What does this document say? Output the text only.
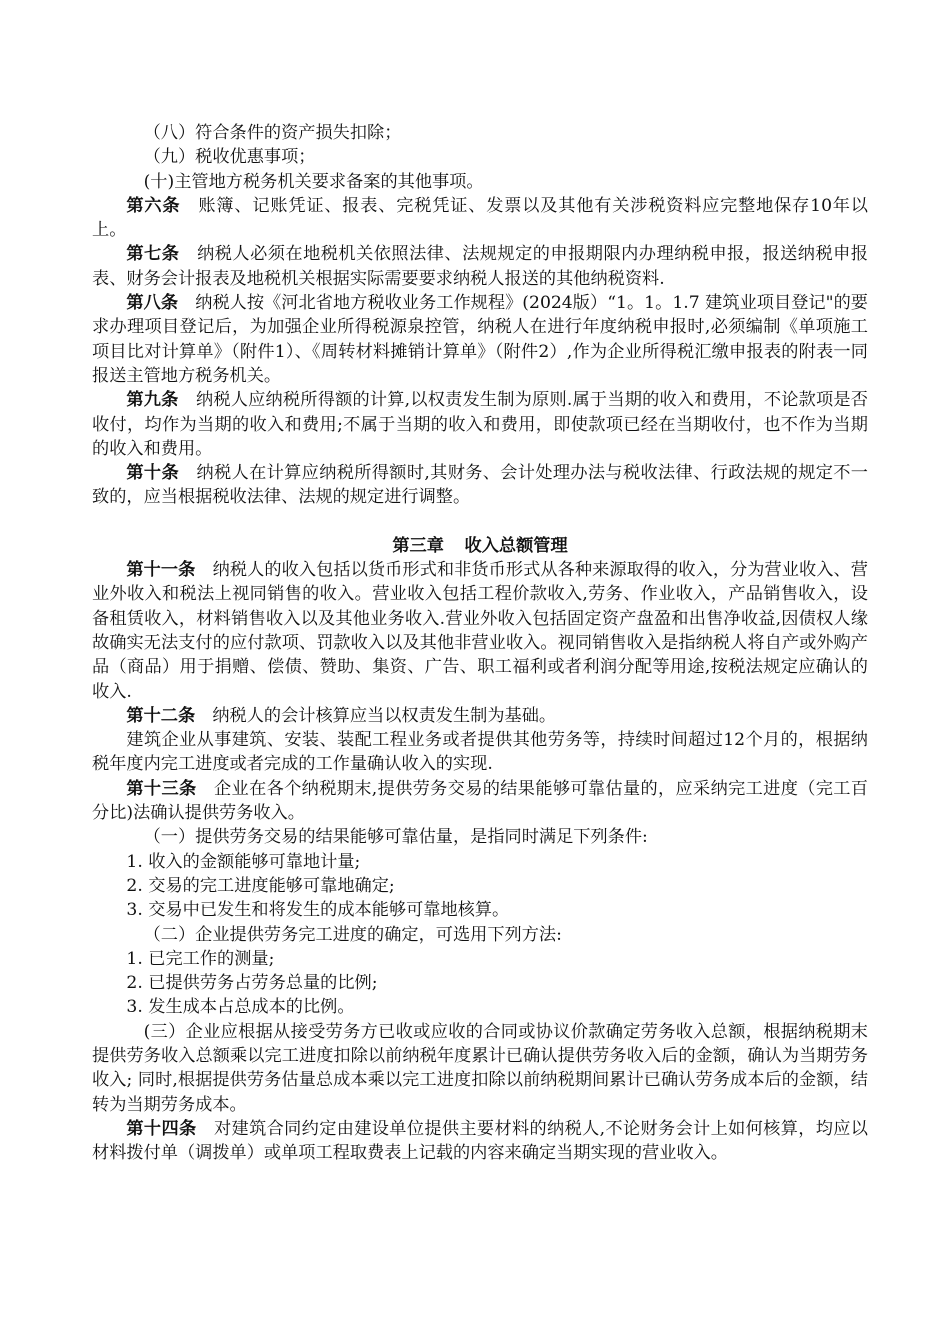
（八）符合条件的资产损失扣除；

（九）税收优惠事项；

(十)主管地方税务机关要求备案的其他事项。

第六条  账簿、记账凭证、报表、完税凭证、发票以及其他有关涉税资料应完整地保存10年以上。

第七条  纳税人必须在地税机关依照法律、法规规定的申报期限内办理纳税申报，报送纳税申报表、财务会计报表及地税机关根据实际需要要求纳税人报送的其他纳税资料.

第八条  纳税人按《河北省地方税收业务工作规程》(2024版）“1。1。1.7 建筑业项目登记"的要求办理项目登记后，为加强企业所得税源泉控管，纳税人在进行年度纳税申报时,必须编制《单项施工项目比对计算单》（附件1）、《周转材料摊销计算单》（附件2）,作为企业所得税汇缴申报表的附表一同报送主管地方税务机关。

第九条  纳税人应纳税所得额的计算,以权责发生制为原则.属于当期的收入和费用，不论款项是否收付，均作为当期的收入和费用;不属于当期的收入和费用，即使款项已经在当期收付，也不作为当期的收入和费用。

第十条  纳税人在计算应纳税所得额时,其财务、会计处理办法与税收法律、行政法规的规定不一致的，应当根据税收法律、法规的规定进行调整。

第三章 收入总额管理

第十一条  纳税人的收入包括以货币形式和非货币形式从各种来源取得的收入，分为营业收入、营业外收入和税法上视同销售的收入。营业收入包括工程价款收入,劳务、作业收入，产品销售收入，设备租赁收入，材料销售收入以及其他业务收入.营业外收入包括固定资产盘盈和出售净收益,因债权人缘故确实无法支付的应付款项、罚款收入以及其他非营业收入。视同销售收入是指纳税人将自产或外购产品（商品）用于捐赠、偿债、赞助、集资、广告、职工福利或者利润分配等用途,按税法规定应确认的收入.

第十二条  纳税人的会计核算应当以权责发生制为基础。

建筑企业从事建筑、安装、装配工程业务或者提供其他劳务等，持续时间超过12个月的，根据纳税年度内完工进度或者完成的工作量确认收入的实现.

第十三条  企业在各个纳税期末,提供劳务交易的结果能够可靠估量的，应采纳完工进度（完工百分比)法确认提供劳务收入。

（一）提供劳务交易的结果能够可靠估量，是指同时满足下列条件:

1. 收入的金额能够可靠地计量;

2. 交易的完工进度能够可靠地确定;

3. 交易中已发生和将发生的成本能够可靠地核算。

（二）企业提供劳务完工进度的确定，可选用下列方法:

1. 已完工作的测量;

2. 已提供劳务占劳务总量的比例;

3. 发生成本占总成本的比例。

(三）企业应根据从接受劳务方已收或应收的合同或协议价款确定劳务收入总额，根据纳税期末提供劳务收入总额乘以完工进度扣除以前纳税年度累计已确认提供劳务收入后的金额，确认为当期劳务收入; 同时,根据提供劳务估量总成本乘以完工进度扣除以前纳税期间累计已确认劳务成本后的金额，结转为当期劳务成本。

第十四条  对建筑合同约定由建设单位提供主要材料的纳税人,不论财务会计上如何核算，均应以材料拨付单（调拨单）或单项工程取费表上记载的内容来确定当期实现的营业收入。
